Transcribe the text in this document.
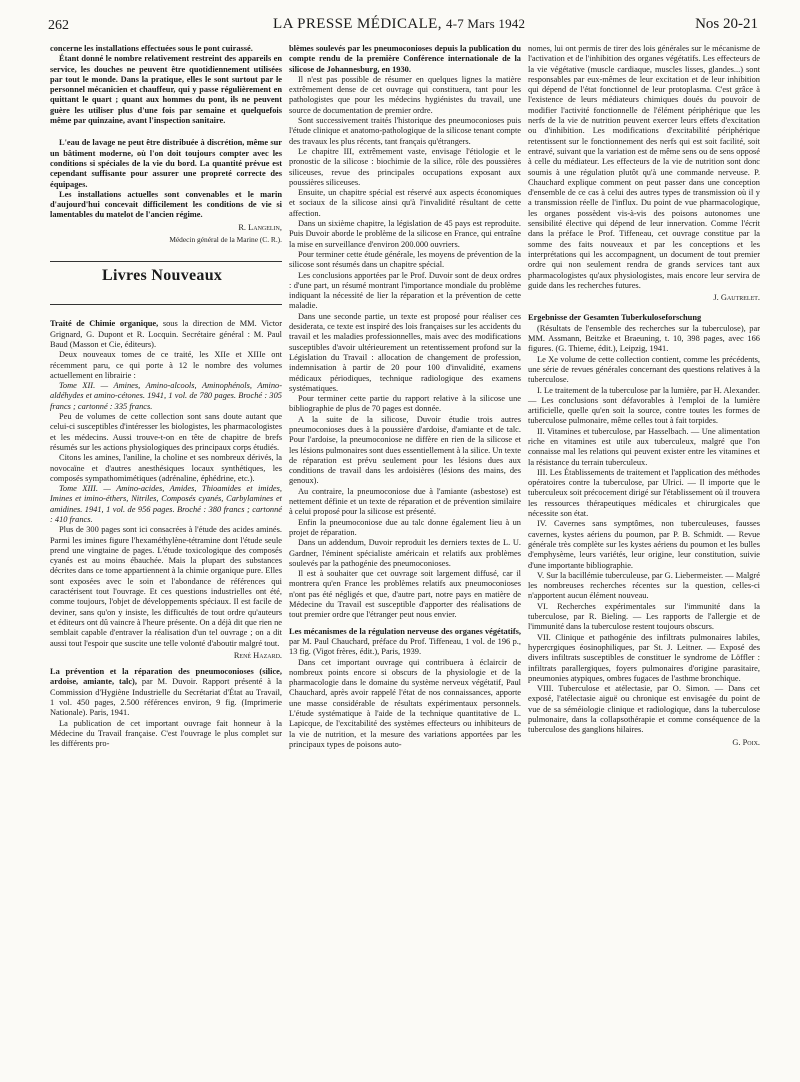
262	LA PRESSE MÉDICALE, 4-7 Mars 1942	Nos 20-21

concerne les installations effectuées sous le pont cuirassé.

Étant donné le nombre relativement restreint des appareils en service, les douches ne peuvent être quotidiennement utilisées par tout le monde. Dans la pratique, elles le sont surtout par le personnel mécanicien et chauffeur, qui y passe régulièrement en quittant le quart ; quant aux hommes du pont, ils ne peuvent guère les utiliser plus d'une fois par semaine et quelquefois même par quinzaine, avant l'inspection sanitaire.

L'eau de lavage ne peut être distribuée à discrétion, même sur un bâtiment moderne, où l'on doit toujours compter avec les conditions si spéciales de la vie du bord. La quantité prévue est cependant suffisante pour assurer une propreté correcte des équipages.

Les installations actuelles sont convenables et le marin d'aujourd'hui concevait difficilement les conditions de vie si lamentables du matelot de l'ancien régime.

R. Langelin,

Médecin général de la Marine (C. R.).

Livres Nouveaux

Traité de Chimie organique, sous la direction de MM. Victor Grignard, G. Dupont et R. Locquin. Secrétaire général : M. Paul Baud (Masson et Cie, éditeurs).

Deux nouveaux tomes de ce traité, les XIIe et XIIIe ont récemment paru, ce qui porte à 12 le nombre des volumes actuellement en librairie :

Tome XII. — Amines, Amino-alcools, Aminophénols, Amino-aldéhydes et amino-cétones. 1941, 1 vol. de 780 pages. Broché : 305 francs ; cartonné : 335 francs.

Peu de volumes de cette collection sont sans doute autant que celui-ci susceptibles d'intéresser les biologistes, les pharmacologistes et les médecins. Aussi trouve-t-on en tête de chapitre de brefs résumés sur les actions physiologiques des principaux corps étudiés.

Citons les amines, l'aniline, la choline et ses nombreux dérivés, la novocaïne et d'autres anesthésiques locaux synthétiques, les composés sympathomimétiques (adrénaline, éphédrine, etc.).

Tome XIII. — Amino-acides, Amides, Thioamides et imides, Imines et imino-éthers, Nitriles, Composés cyanés, Carbylamines et amidines. 1941, 1 vol. de 956 pages. Broché : 380 francs ; cartonné : 410 francs.

Plus de 300 pages sont ici consacrées à l'étude des acides aminés. Parmi les imines figure l'hexaméthylène-tétramine dont l'étude seule prend une vingtaine de pages. L'étude toxicologique des composés cyanés est au moins ébauchée. Mais la plupart des substances décrites dans ce tome appartiennent à la chimie organique pure. Elles sont exposées avec le soin et l'abondance de références qui caractérisent tout l'ouvrage. Et ces questions industrielles ont été, comme toujours, l'objet de développements spéciaux. Il est facile de deviner, sans qu'on y insiste, les difficultés de tout ordre qu'auteurs et éditeurs ont dû vaincre à l'heure présente. On a déjà dit que rien ne semblait capable d'entraver la réalisation d'un tel ouvrage ; on a dit aussi tout l'espoir que suscite une telle volonté d'aboutir malgré tout.

René Hazard.

La prévention et la réparation des pneumoconioses (silice, ardoise, amiante, talc), par M. Duvoir. Rapport présenté à la Commission d'Hygiène Industrielle du Secrétariat d'État au Travail, 1 vol. 450 pages, 2.500 références environ, 9 fig. (Imprimerie Nationale). Paris, 1941.

La publication de cet important ouvrage fait honneur à la Médecine du Travail française. C'est l'ouvrage le plus complet sur les différents pro-

blèmes soulevés par les pneumoconioses depuis la publication du compte rendu de la première Conférence internationale de la silicose de Johannesburg, en 1930.

Il n'est pas possible de résumer en quelques lignes la matière extrêmement dense de cet ouvrage qui constituera, tant pour les pathologistes que pour les médecins hygiénistes du travail, une source de documentation de premier ordre.

Sont successivement traités l'historique des pneumoconioses puis l'étude clinique et anatomo-pathologique de la silicose tenant compte des travaux les plus récents, tant français qu'étrangers.

Le chapitre III, extrêmement vaste, envisage l'étiologie et le pronostic de la silicose : biochimie de la silice, rôle des poussières siliceuses, revue des principales occupations exposant aux poussières siliceuses.

Ensuite, un chapitre spécial est réservé aux aspects économiques et sociaux de la silicose ainsi qu'à l'invalidité résultant de cette affection.

Dans un sixième chapitre, la législation de 45 pays est reproduite. Puis Duvoir aborde le problème de la silicose en France, qui entraîne la mise en surveillance d'environ 200.000 ouvriers.

Pour terminer cette étude générale, les moyens de prévention de la silicose sont résumés dans un chapitre spécial.

Les conclusions apportées par le Prof. Duvoir sont de deux ordres : d'une part, un résumé montrant l'importance mondiale du problème indiquant la nécessité de lier la réparation et la prévention de cette maladie.

Dans une seconde partie, un texte est proposé pour réaliser ces desiderata, ce texte est inspiré des lois françaises sur les accidents du travail et les maladies professionnelles, mais avec des modifications susceptibles d'avoir ultérieurement un retentissement profond sur la Législation du Travail : allocation de changement de profession, indemnisation à partir de 20 pour 100 d'invalidité, examens médicaux périodiques, technique radiologique des examens systématiques.

Pour terminer cette partie du rapport relative à la silicose une bibliographie de plus de 70 pages est donnée.

A la suite de la silicose, Duvoir étudie trois autres pneumoconioses dues à la poussière d'ardoise, d'amiante et de talc. Pour l'ardoise, la pneumoconiose ne diffère en rien de la silicose et les lésions pulmonaires sont dues essentiellement à la silice. Un texte de réparation est prévu seulement pour les lésions dues aux conditions de travail dans les ardoisières (lésions des mains, des genoux).

Au contraire, la pneumoconiose due à l'amiante (asbestose) est nettement définie et un texte de réparation et de prévention similaire à celui proposé pour la silicose est présenté.

Enfin la pneumoconiose due au talc donne également lieu à un projet de réparation.

Dans un addendum, Duvoir reproduit les derniers textes de L. U. Gardner, l'éminent spécialiste américain et relatifs aux problèmes soulevés par la pathogénie des pneumoconioses.

Il est à souhaiter que cet ouvrage soit largement diffusé, car il montrera qu'en France les problèmes relatifs aux pneumoconioses n'ont pas été négligés et que, d'autre part, notre pays en matière de Médecine du Travail est susceptible d'apporter des réalisations de tout premier ordre que l'étranger peut nous envier.

Les mécanismes de la régulation nerveuse des organes végétatifs, par M. Paul Chauchard, préface du Prof. Tiffeneau, 1 vol. de 196 p., 13 fig. (Vigot frères, édit.), Paris, 1939.

Dans cet important ouvrage qui contribuera à éclaircir de nombreux points encore si obscurs de la physiologie et de la pharmacologie dans le domaine du système nerveux végétatif, Paul Chauchard, après avoir rappelé l'état de nos connaissances, apporte une masse considérable de résultats expérimentaux personnels. L'étude systématique à l'aide de la technique quantitative de L. Lapicque, de l'excitabilité des systèmes effecteurs ou inhibiteurs de la vie de nutrition, et la mesure des variations apportées par les principaux types de poisons auto-

nomes, lui ont permis de tirer des lois générales sur le mécanisme de l'activation et de l'inhibition des organes végétatifs. Les effecteurs de la vie végétative (muscle cardiaque, muscles lisses, glandes...) sont responsables par eux-mêmes de leur excitation et de leur inhibition qui dépend de l'état fonctionnel de leur protoplasma. C'est grâce à l'existence de leurs médiateurs chimiques doués du pouvoir de modifier l'activité fonctionnelle de l'élément périphérique que les nerfs de la vie de nutrition peuvent exercer leurs effets d'excitation ou d'inhibition. Les modifications d'excitabilité périphérique retentissent sur le fonctionnement des nerfs qui est soit facilité, soit entravé, suivant que la variation est de même sens ou de sens opposé à celle du médiateur. Les effecteurs de la vie de nutrition sont donc soumis à une régulation plutôt qu'à une commande nerveuse. P. Chauchard explique comment on peut passer dans une conception d'ensemble de ce cas à celui des autres types de transmission où il y a transmission réelle de l'influx. Du point de vue pharmacologique, les organes possèdent vis-à-vis des poisons autonomes une sensibilité élective qui dépend de leur innervation. Comme l'écrit dans la préface le Prof. Tiffeneau, cet ouvrage constitue par la somme des faits nouveaux et par les conceptions et les interprétations qui les accompagnent, un document de tout premier ordre qui non seulement rendra de grands services tant aux pharmacologistes qu'aux physiologistes, mais encore leur servira de guide dans les recherches futures.

J. Gautrelet.

Ergebnisse der Gesamten Tuberkuloseforschung

(Résultats de l'ensemble des recherches sur la tuberculose), par MM. Assmann, Beitzke et Braeuning, t. 10, 398 pages, avec 166 figures. (G. Thieme, édit.), Leipzig, 1941.

Le Xe volume de cette collection contient, comme les précédents, une série de revues générales concernant des questions relatives à la tuberculose.

I. Le traitement de la tuberculose par la lumière, par H. Alexander. — Les conclusions sont défavorables à l'emploi de la lumière artificielle, quelle qu'en soit la source, contre toutes les formes de tuberculose pulmonaire, même celles tout à fait torpides.

II. Vitamines et tuberculose, par Hasselbach. — Une alimentation riche en vitamines est utile aux tuberculeux, malgré que l'on connaisse mal les relations qui peuvent exister entre les vitamines et la résistance du terrain tuberculeux.

III. Les Établissements de traitement et l'application des méthodes opératoires contre la tuberculose, par Ulrici. — Il importe que le tuberculeux soit précocement dirigé sur l'établissement où il trouvera les ressources thérapeutiques médicales et chirurgicales que nécessite son état.

IV. Cavernes sans symptômes, non tuberculeuses, fausses cavernes, kystes aériens du poumon, par P. B. Schmidt. — Revue générale très complète sur les kystes aériens du poumon et les bulles d'emphysème, leurs variétés, leur origine, leur constitution, suivie d'une importante bibliographie.

V. Sur la bacillémie tuberculeuse, par G. Liebermeister. — Malgré les nombreuses recherches récentes sur la question, celles-ci n'apportent aucun élément nouveau.

VI. Recherches expérimentales sur l'immunité dans la tuberculose, par R. Bieling. — Les rapports de l'allergie et de l'immunité dans la tuberculose restent toujours obscurs.

VII. Clinique et pathogénie des infiltrats pulmonaires labiles, hypercrgiques éosinophiliques, par St. J. Leitner. — Exposé des divers infiltrats susceptibles de constituer le syndrome de Löffler : infiltrats parallergiques, foyers pulmonaires d'origine parasitaire, pneumonies atypiques, ombres fugaces de l'asthme bronchique.

VIII. Tuberculose et atélectasie, par O. Simon. — Dans cet exposé, l'atélectasie aiguë ou chronique est envisagée du point de vue de sa séméiologie clinique et radiologique, dans la tuberculose pulmonaire, dans la collapsothérapie et comme conséquence de la tuberculose des ganglions hilaires.

G. Poix.
